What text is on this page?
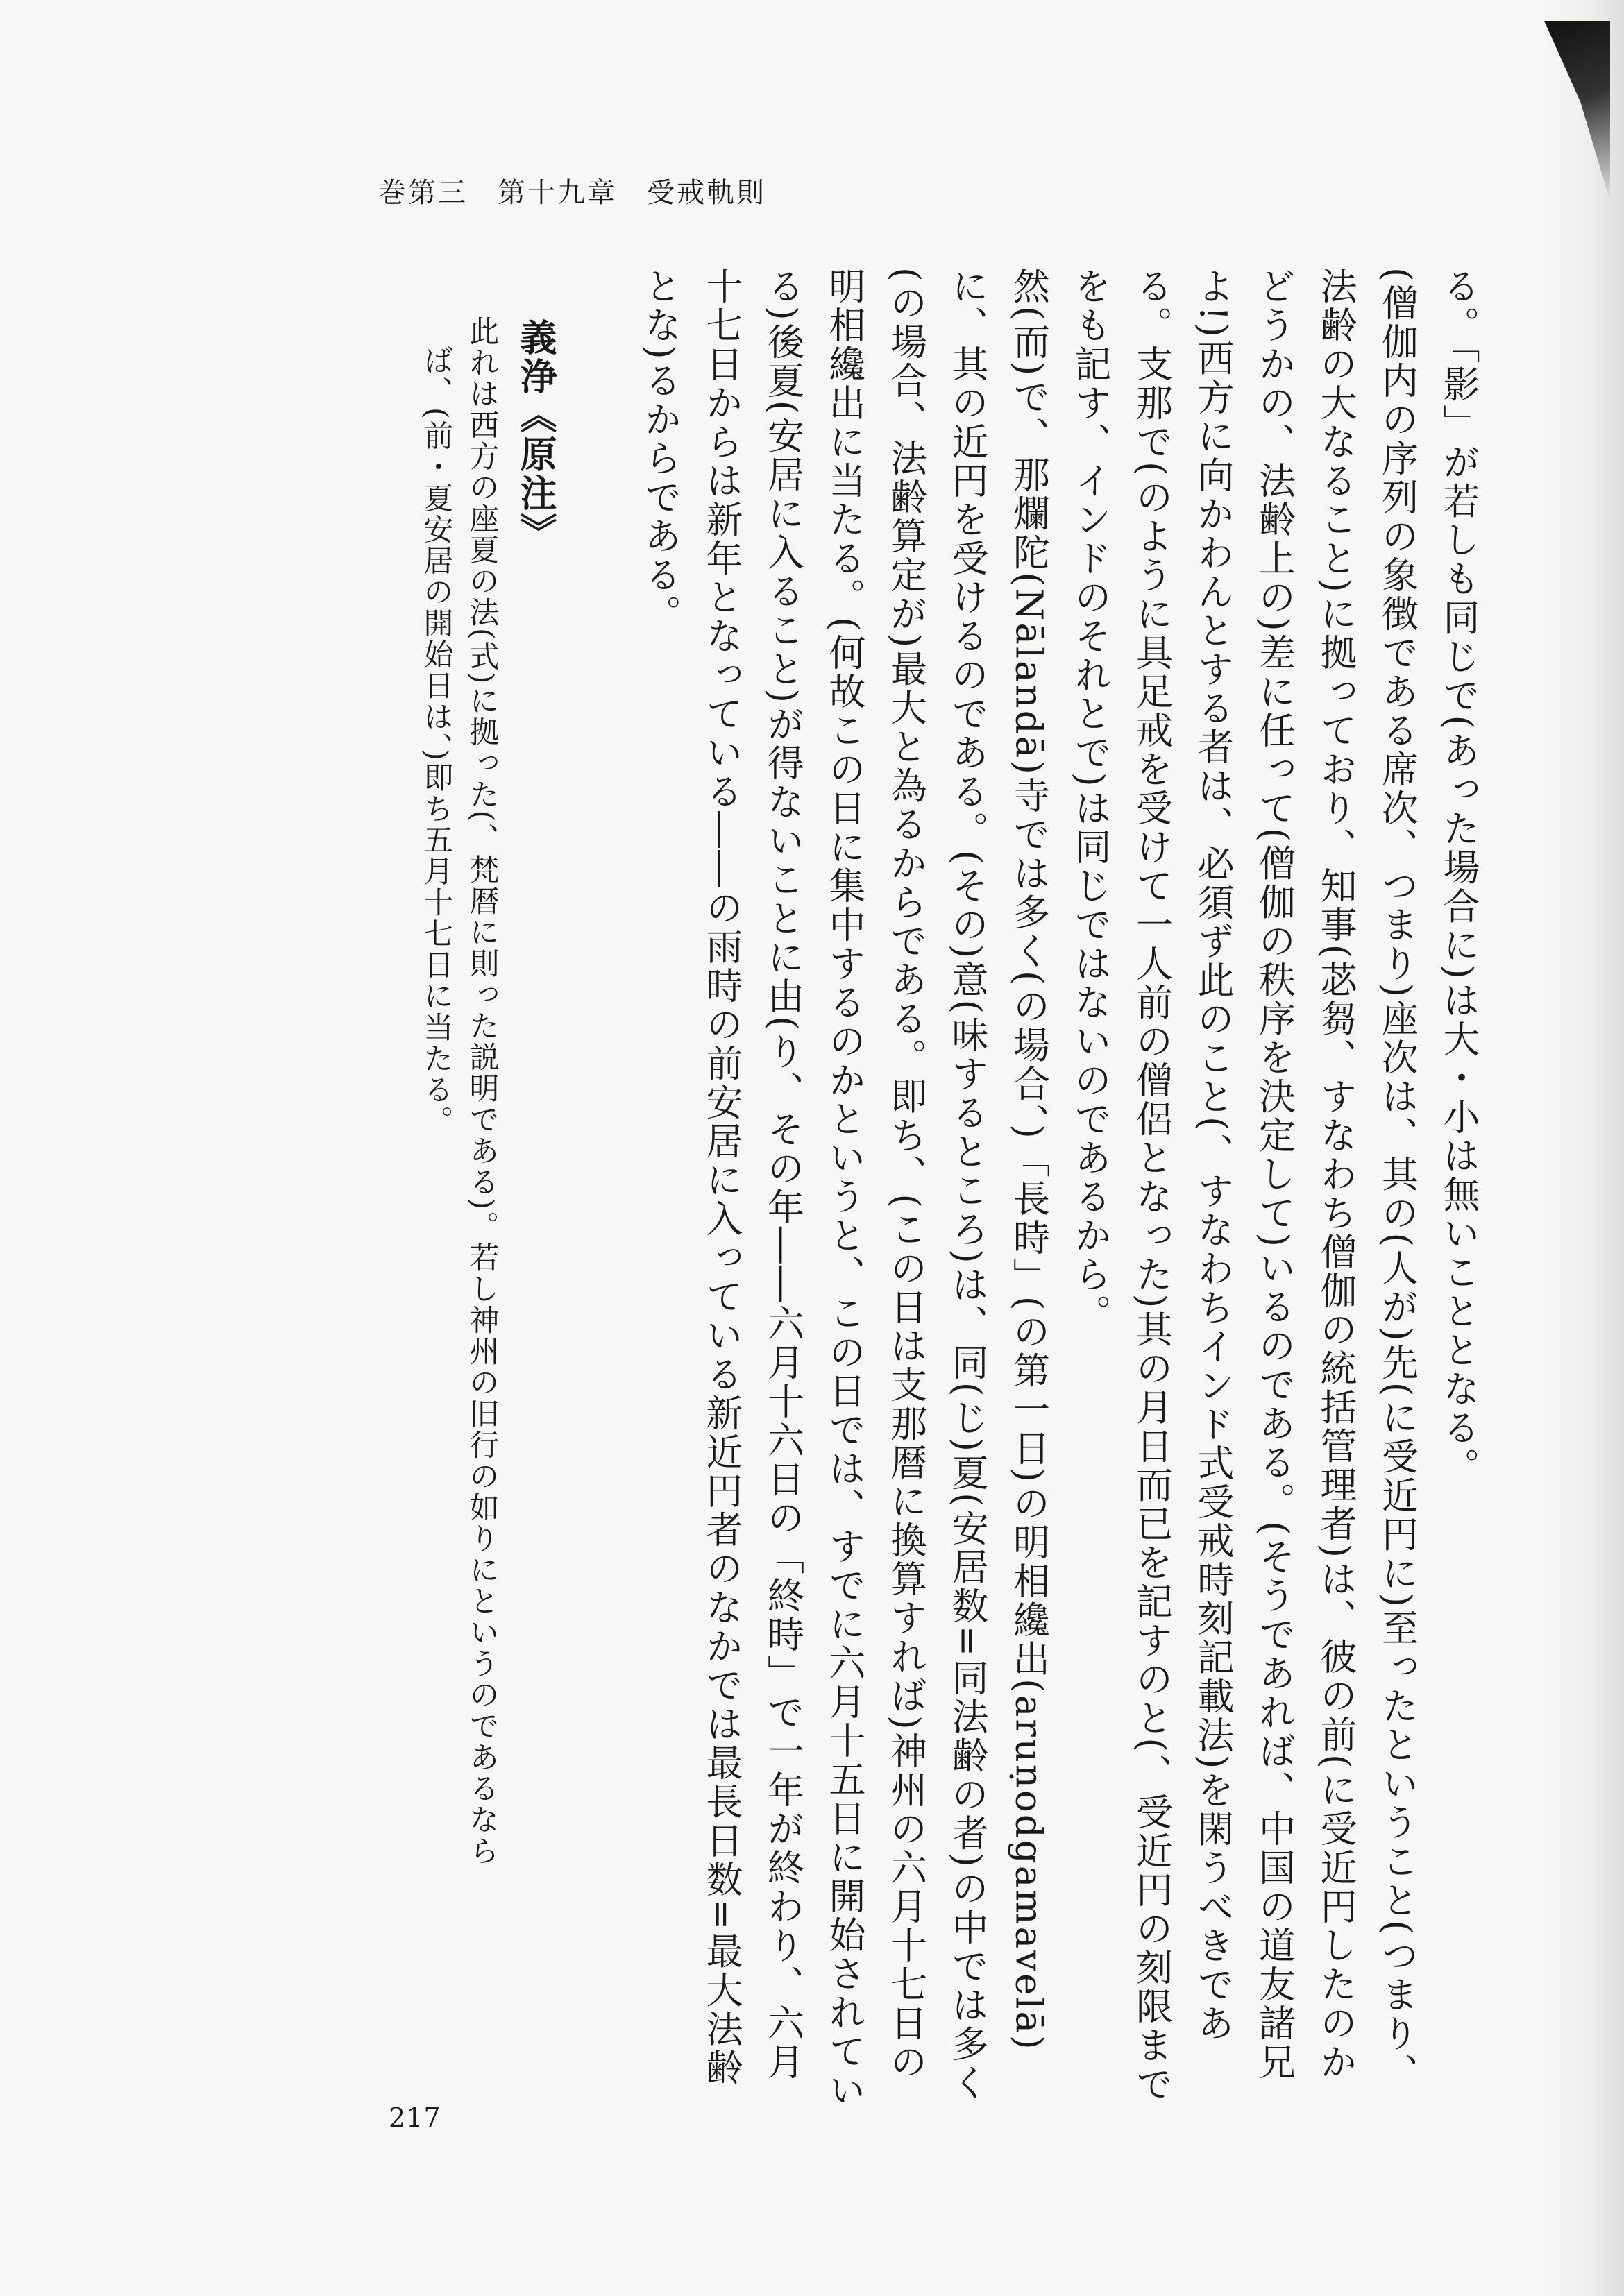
巻第三　第十九章　受戒軌則

る。「影」が若しも同じで(あった場合に)は大・小は無いこととなる。

(僧伽内の序列の象徴である席次、つまり)座次は、其の(人が)先(に受近円に)至ったということ(つまり、法齢の大なること)に拠っており、知事(苾芻、すなわち僧伽の統括管理者)は、彼の前(に受近円したのかどうかの、法齢上の)差に任って(僧伽の秩序を決定して)いるのである。(そうであれば、中国の道友諸兄よ!)西方に向かわんとする者は、必須ず此のこと(、すなわちインド式受戒時刻記載法)を閑うべきである。支那で(のように具足戒を受けて一人前の僧侶となった)其の月日而已を記すのと(、受近円の刻限までをも記す、インドのそれとで)は同じではないのであるから。

然(而)で、那爛陀(Nālandā)寺では多く(の場合、)「長時」(の第一日)の明相纔出(aruṇodgamavelā)に、其の近円を受けるのである。(その)意(味するところ)は、同(じ)夏(安居数=同法齢の者)の中では多く(の場合、法齢算定が)最大と為るからである。即ち、(この日は支那暦に換算すれば)神州の六月十七日の明相纔出に当たる。(何故この日に集中するのかというと、この日では、すでに六月十五日に開始されている)後夏(安居に入ること)が得ないことに由(り、その年――六月十六日の「終時」で一年が終わり、六月十七日からは新年となっている――の雨時の前安居に入っている新近円者のなかでは最長日数=最大法齢とな)るからである。

義浄《原注》

此れは西方の座夏の法(式)に拠った(、梵暦に則った説明である)。若し神州の旧行の如りにというのであるなら

ば、(前・夏安居の開始日は、)即ち五月十七日に当たる。

217
